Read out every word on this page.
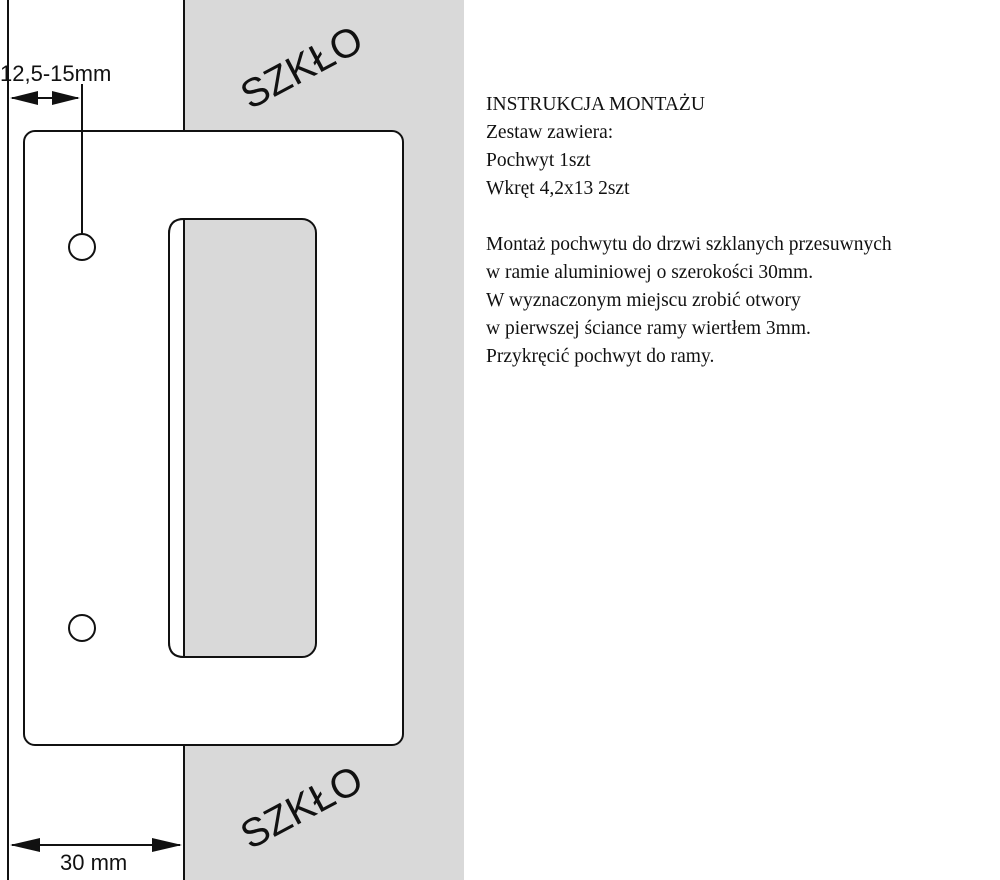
12,5-15mm
30 mm
SZKŁO
SZKŁO
INSTRUKCJA MONTAŻU
Zestaw zawiera:
Pochwyt 1szt
Wkręt 4,2x13 2szt
Montaż pochwytu do drzwi szklanych przesuwnych
w ramie aluminiowej o szerokości 30mm.
W wyznaczonym miejscu zrobić otwory
w pierwszej ściance ramy wiertłem 3mm.
Przykręcić pochwyt do ramy.
